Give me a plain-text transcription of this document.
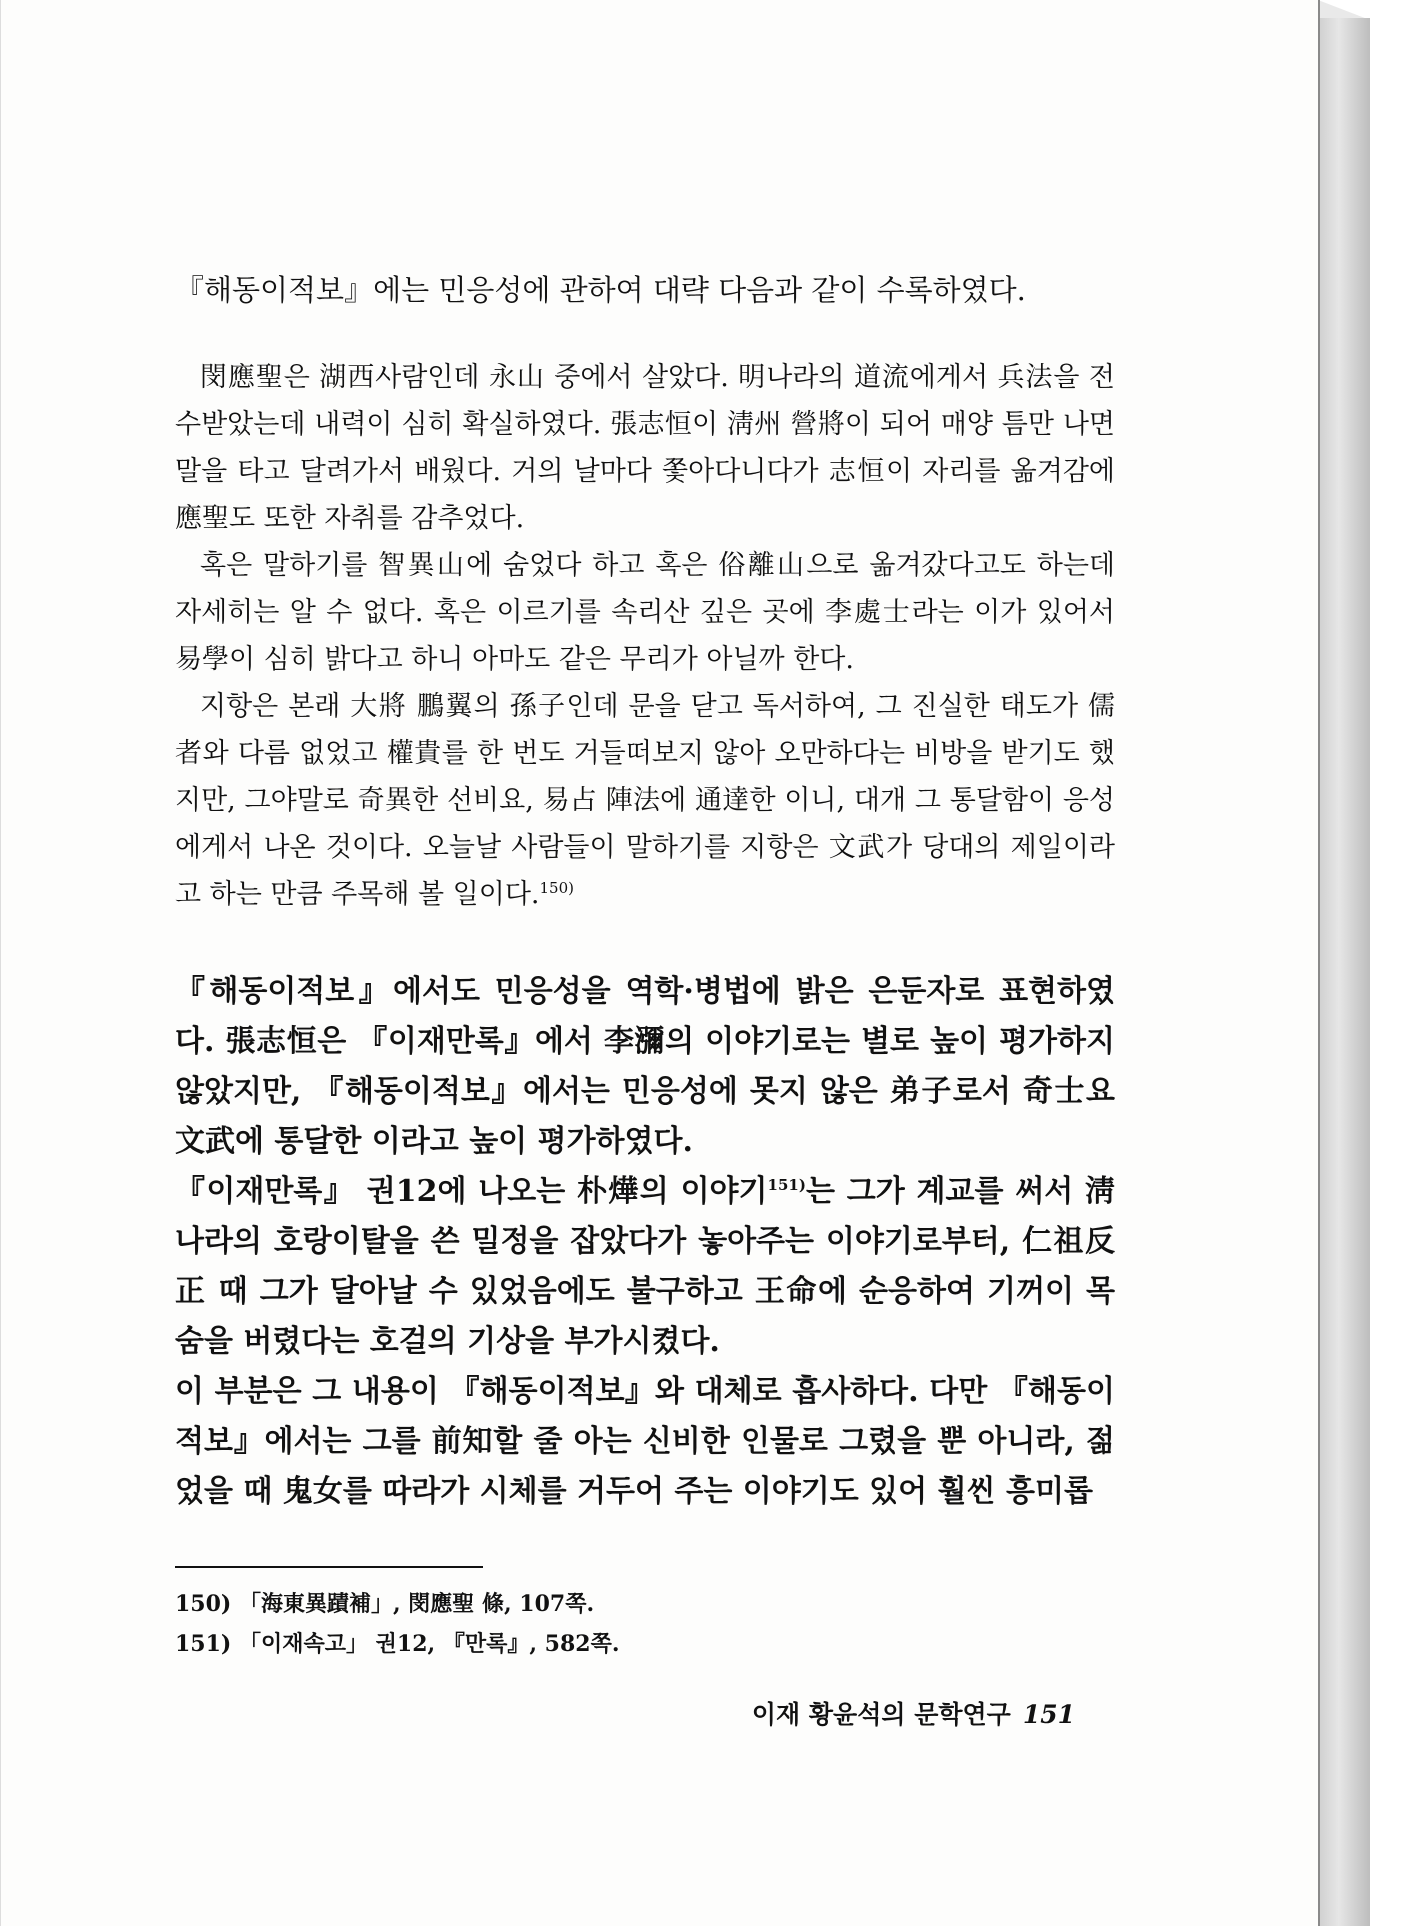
『해동이적보』에는 민응성에 관하여 대략 다음과 같이 수록하였다.

閔應聖은 湖西사람인데 永山 중에서 살았다. 明나라의 道流에게서 兵法을 전수받았는데 내력이 심히 확실하였다. 張志恒이 淸州 營將이 되어 매양 틈만 나면 말을 타고 달려가서 배웠다. 거의 날마다 쫓아다니다가 志恒이 자리를 옮겨감에 應聖도 또한 자취를 감추었다.

혹은 말하기를 智異山에 숨었다 하고 혹은 俗離山으로 옮겨갔다고도 하는데 자세히는 알 수 없다. 혹은 이르기를 속리산 깊은 곳에 李處士라는 이가 있어서 易學이 심히 밝다고 하니 아마도 같은 무리가 아닐까 한다.

지항은 본래 大將 鵬翼의 孫子인데 문을 닫고 독서하여, 그 진실한 태도가 儒者와 다름 없었고 權貴를 한 번도 거들떠보지 않아 오만하다는 비방을 받기도 했지만, 그야말로 奇異한 선비요, 易占 陣法에 通達한 이니, 대개 그 통달함이 응성에게서 나온 것이다. 오늘날 사람들이 말하기를 지항은 文武가 당대의 제일이라고 하는 만큼 주목해 볼 일이다.$^{150)}$

『해동이적보』에서도 민응성을 역학·병법에 밝은 은둔자로 표현하였다. 張志恒은 『이재만록』에서 李瀰의 이야기로는 별로 높이 평가하지 않았지만, 『해동이적보』에서는 민응성에 못지 않은 弟子로서 奇士요 文武에 통달한 이라고 높이 평가하였다.

『이재만록』 권12에 나오는 朴燁의 이야기$^{151)}$는 그가 계교를 써서 淸나라의 호랑이탈을 쓴 밀정을 잡았다가 놓아주는 이야기로부터, 仁祖反正 때 그가 달아날 수 있었음에도 불구하고 王命에 순응하여 기꺼이 목숨을 버렸다는 호걸의 기상을 부가시켰다.

이 부분은 그 내용이 『해동이적보』와 대체로 흡사하다. 다만 『해동이적보』에서는 그를 前知할 줄 아는 신비한 인물로 그렸을 뿐 아니라, 젊었을 때 鬼女를 따라가 시체를 거두어 주는 이야기도 있어 훨씬 흥미롭

150) 「海東異蹟補」, 閔應聖 條, 107쪽.
151) 「이재속고」 권12, 『만록』, 582쪽.
이재 황윤석의 문학연구 151
